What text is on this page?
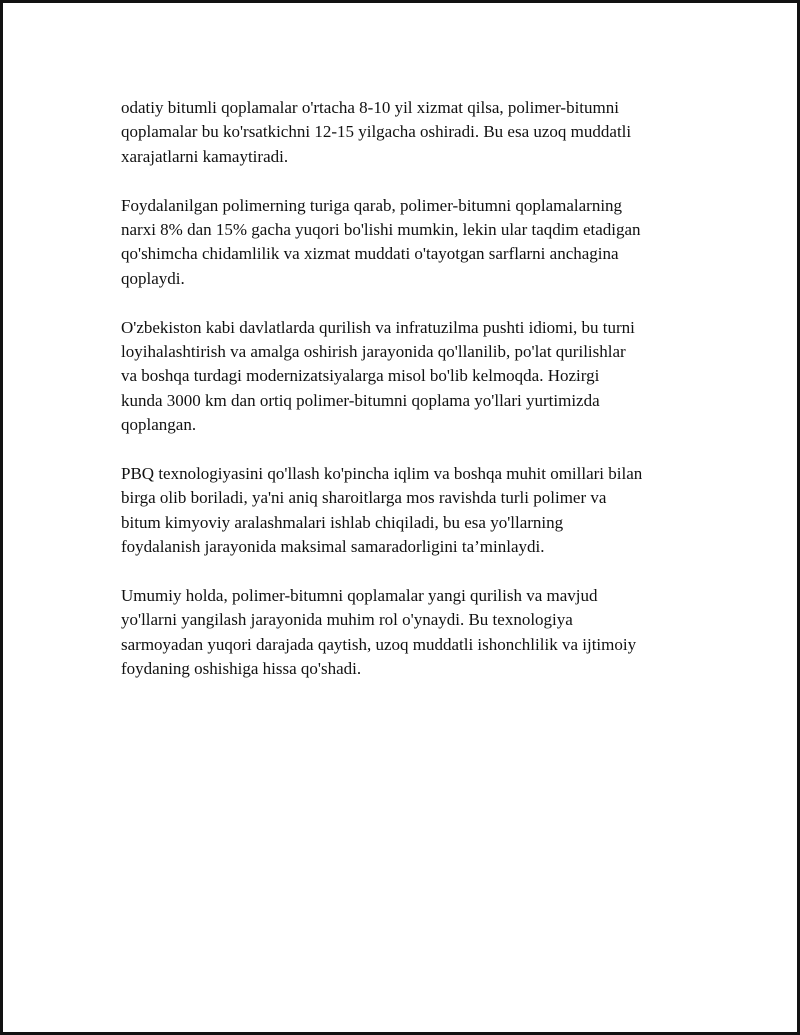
odatiy bitumli qoplamalar o'rtacha 8-10 yil xizmat qilsa, polimer-bitumni
qoplamalar bu ko'rsatkichni 12-15 yilgacha oshiradi. Bu esa uzoq muddatli
xarajatlarni kamaytiradi.

Foydalanilgan polimerning turiga qarab, polimer-bitumni qoplamalarning
narxi 8% dan 15% gacha yuqori bo'lishi mumkin, lekin ular taqdim etadigan
qo'shimcha chidamlilik va xizmat muddati o'tayotgan sarflarni anchagina
qoplaydi.

O'zbekiston kabi davlatlarda qurilish va infratuzilma pushti idiomi, bu turni
loyihalashtirish va amalga oshirish jarayonida qo'llanilib, po'lat qurilishlar
va boshqa turdagi modernizatsiyalarga misol bo'lib kelmoqda. Hozirgi
kunda 3000 km dan ortiq polimer-bitumni qoplama yo'llari yurtimizda
qoplangan.

PBQ texnologiyasini qo'llash ko'pincha iqlim va boshqa muhit omillari bilan
birga olib boriladi, ya'ni aniq sharoitlarga mos ravishda turli polimer va
bitum kimyoviy aralashmalari ishlab chiqiladi, bu esa yo'llarning
foydalanish jarayonida maksimal samaradorligini ta’minlaydi.

Umumiy holda, polimer-bitumni qoplamalar yangi qurilish va mavjud
yo'llarni yangilash jarayonida muhim rol o'ynaydi. Bu texnologiya
sarmoyadan yuqori darajada qaytish, uzoq muddatli ishonchlilik va ijtimoiy
foydaning oshishiga hissa qo'shadi.
